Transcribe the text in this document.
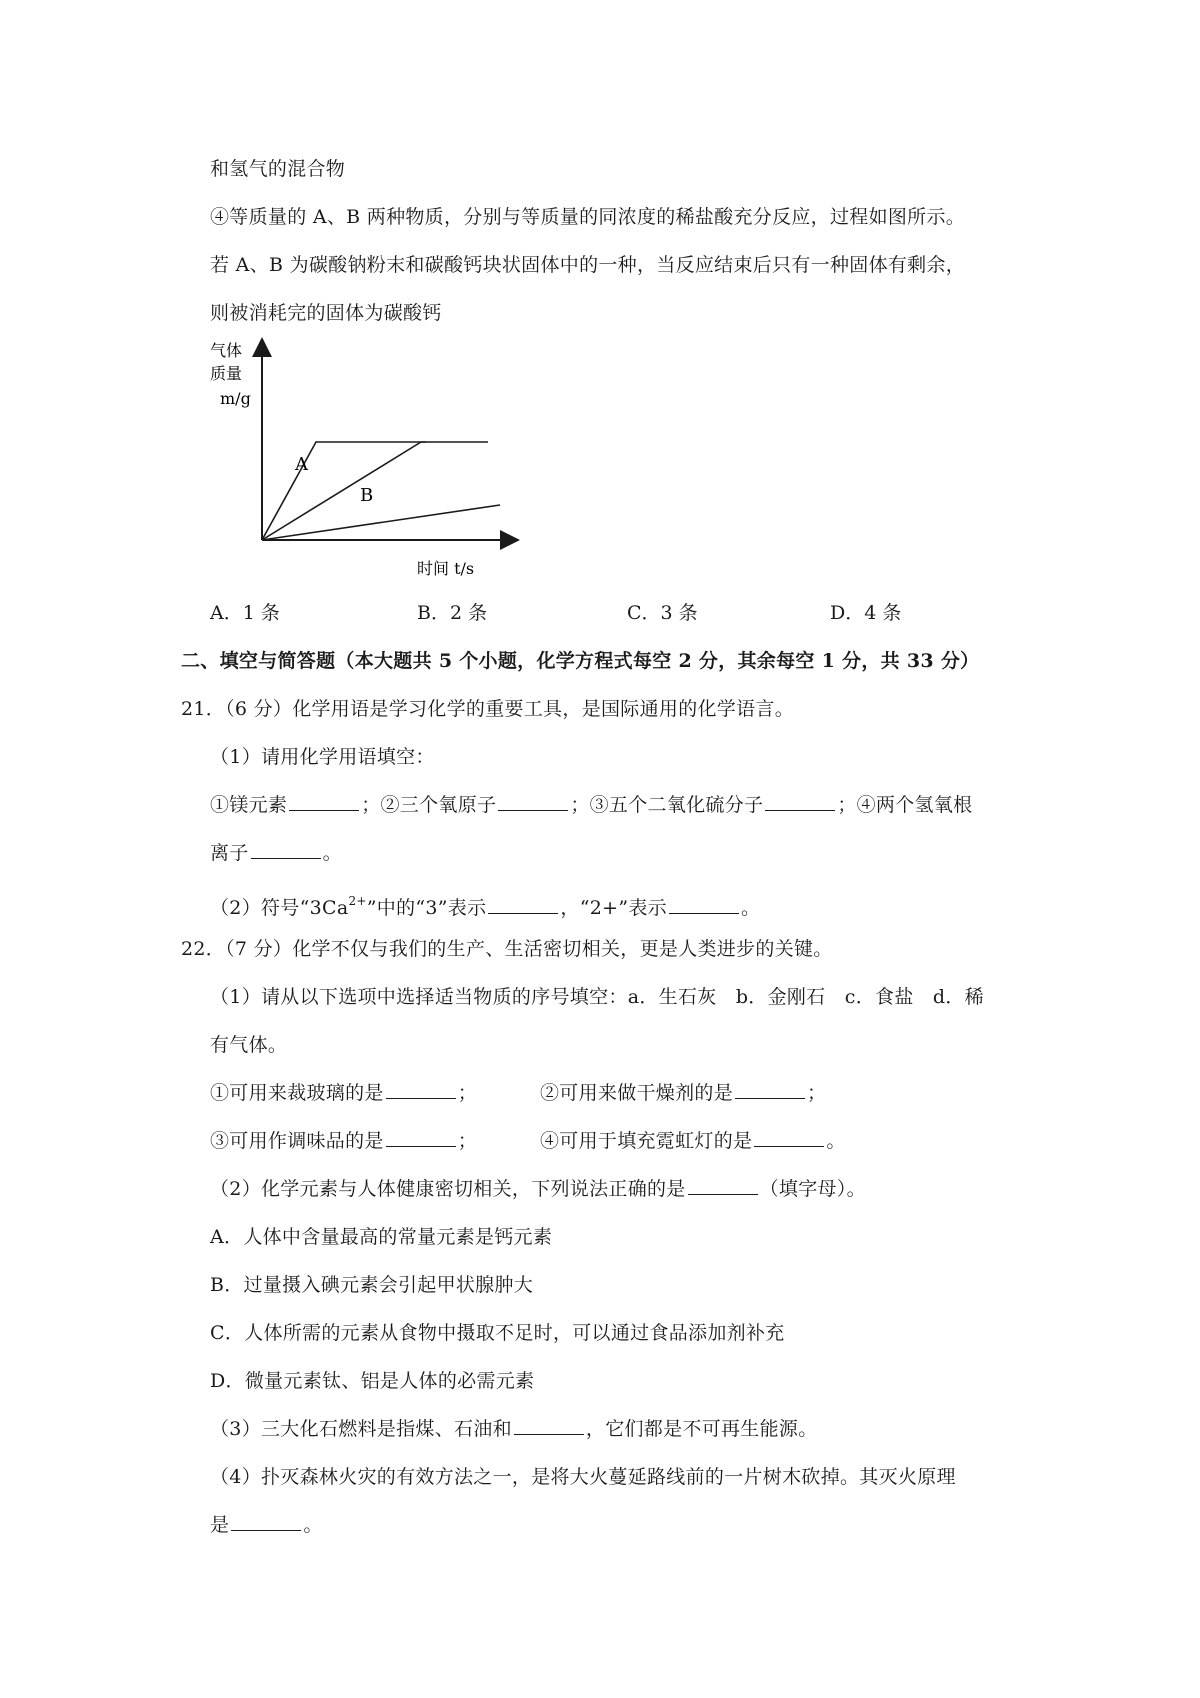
和氢气的混合物
④等质量的 A、B 两种物质，分别与等质量的同浓度的稀盐酸充分反应，过程如图所示。
若 A、B 为碳酸钠粉末和碳酸钙块状固体中的一种，当反应结束后只有一种固体有剩余，
则被消耗完的固体为碳酸钙
气体
质量
m/g
A
B
时间 t/s
A．1 条	B．2 条	C．3 条	D．4 条
二、填空与简答题（本大题共 5 个小题，化学方程式每空 2 分，其余每空 1 分，共 33 分）
21．（6 分）化学用语是学习化学的重要工具，是国际通用的化学语言。
（1）请用化学用语填空：
①镁元素	；②三个氧原子	；③五个二氧化硫分子	；④两个氢氧根
离子	。
（2）符号“$3Ca^{2+}$”中的“3”表示	，“2+”表示	。
22．（7 分）化学不仅与我们的生产、生活密切相关，更是人类进步的关键。
（1）请从以下选项中选择适当物质的序号填空：a．生石灰　b．金刚石　c．食盐　d．稀
有气体。
①可用来裁玻璃的是	；	②可用来做干燥剂的是	；
③可用作调味品的是	；	④可用于填充霓虹灯的是	。
（2）化学元素与人体健康密切相关，下列说法正确的是	（填字母）。
A．人体中含量最高的常量元素是钙元素
B．过量摄入碘元素会引起甲状腺肿大
C．人体所需的元素从食物中摄取不足时，可以通过食品添加剂补充
D．微量元素钛、铝是人体的必需元素
（3）三大化石燃料是指煤、石油和	，它们都是不可再生能源。
（4）扑灭森林火灾的有效方法之一，是将大火蔓延路线前的一片树木砍掉。其灭火原理
是	。
